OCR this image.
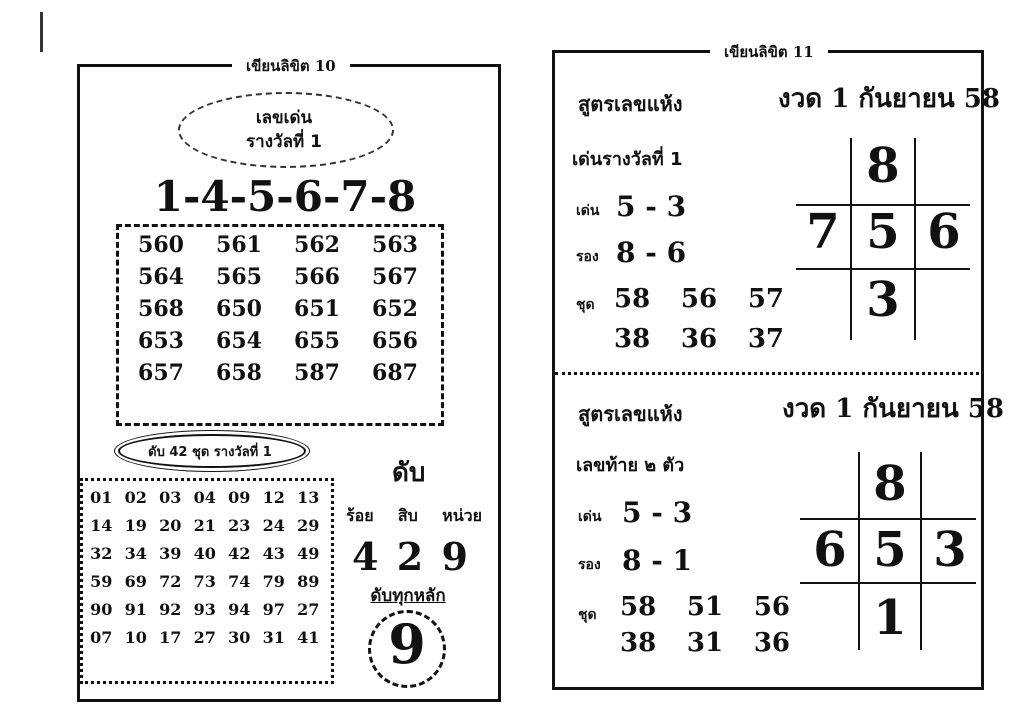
เขียนลิขิต 10
เลขเด่น
รางวัลที่ 1
1-4-5-6-7-8
560	561	562	563
564	565	566	567
568	650	651	652
653	654	655	656
657	658	587	687
ดับ 42 ชุด รางวัลที่ 1
ดับ
01 02 03 04 09 12 13
14 19 20 21 23 24 29
32 34 39 40 42 43 49
59 69 72 73 74 79 89
90 91 92 93 94 97 27
07 10 17 27 30 31 41
ร้อย สิบ หน่วย
4 2 9
ดับทุกหลัก
9
เขียนลิขิต 11
สูตรเลขแห้ง	งวด 1 กันยายน 58
เด่นรางวัลที่ 1
เด่น 5 - 3
รอง 8 - 6
ชุด 58 56 57
38 36 37
8
7 5 6
3
สูตรเลขแห้ง	งวด 1 กันยายน 58
เลขท้าย ๒ ตัว
เด่น 5 - 3
รอง 8 - 1
ชุด 58 51 56
38 31 36
8
6 5 3
1
